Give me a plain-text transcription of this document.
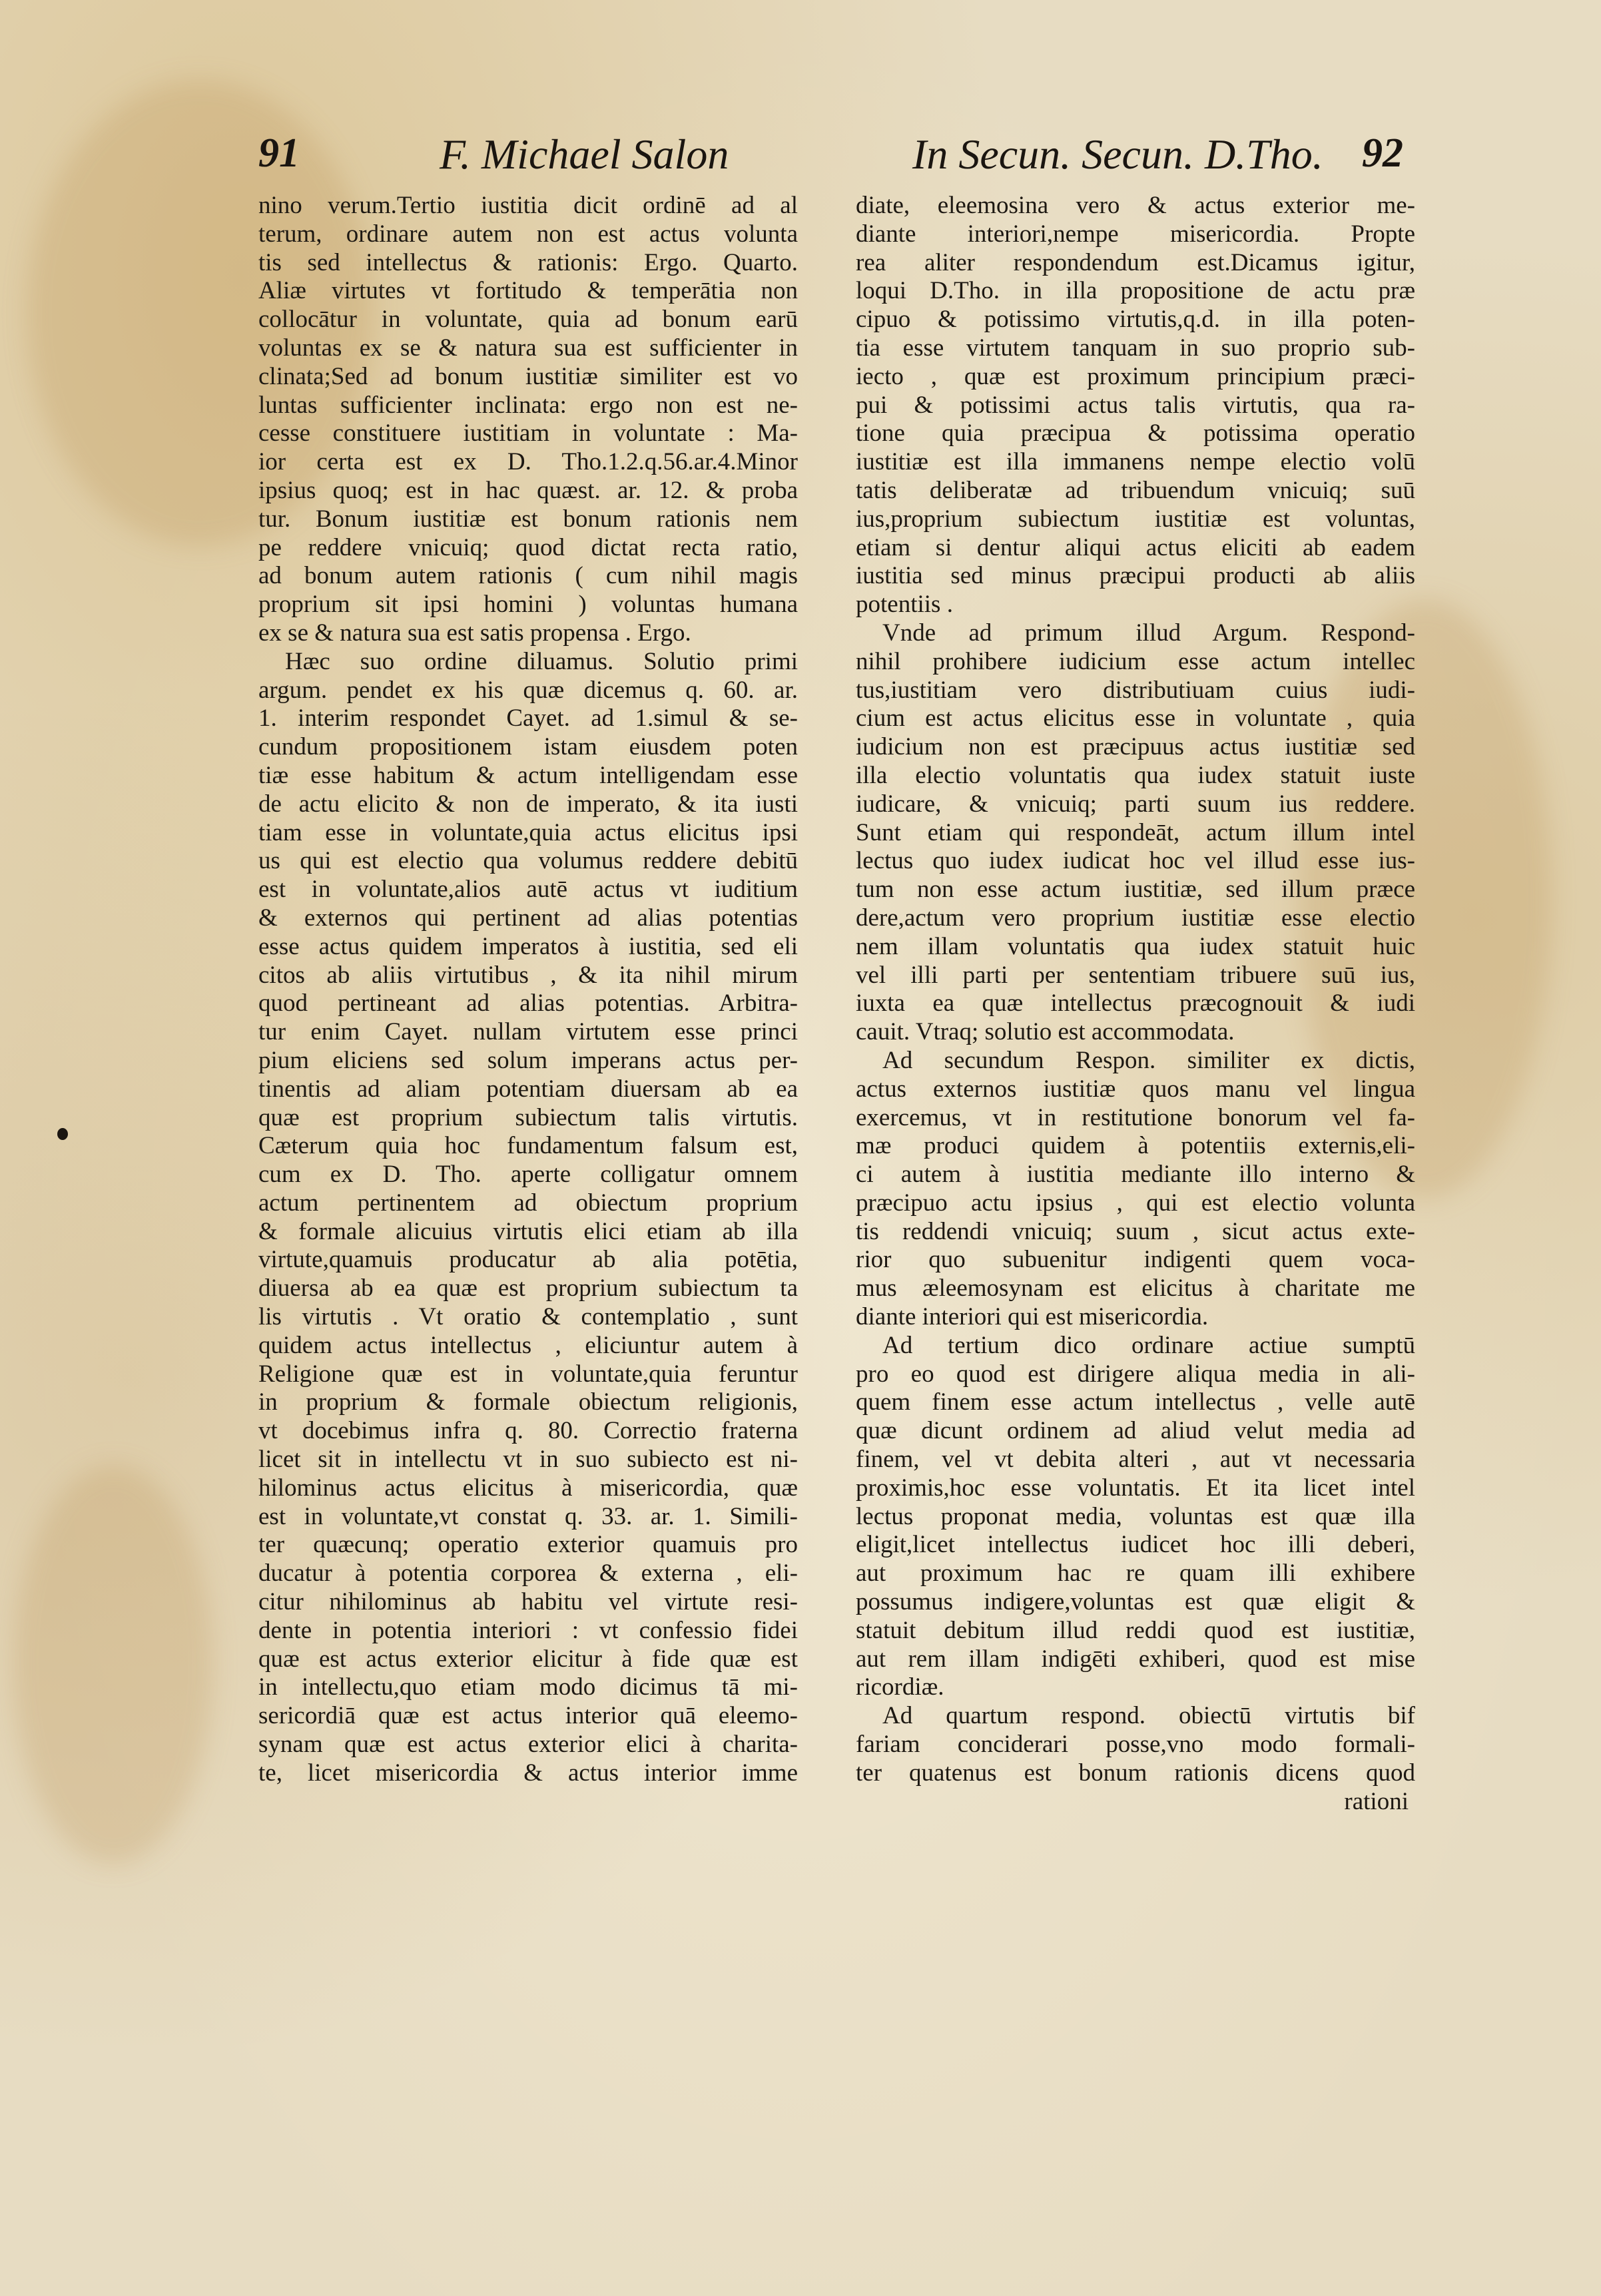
91	F. Michael Salon	In Secun. Secun. D.Tho. 92
nino verum.Tertio iustitia dicit ordinē ad al
terum, ordinare autem non est actus volunta
tis sed intellectus & rationis: Ergo. Quarto.
Aliæ virtutes vt fortitudo & temperātia non
collocātur in voluntate, quia ad bonum earū
voluntas ex se & natura sua est sufficienter in
clinata;Sed ad bonum iustitiæ similiter est vo
luntas sufficienter inclinata: ergo non est ne-
cesse constituere iustitiam in voluntate : Ma-
ior certa est ex D. Tho.1.2.q.56.ar.4.Minor
ipsius quoq; est in hac quæst. ar. 12. & proba
tur. Bonum iustitiæ est bonum rationis nem
pe reddere vnicuiq; quod dictat recta ratio,
ad bonum autem rationis ( cum nihil magis
proprium sit ipsi homini ) voluntas humana
ex se & natura sua est satis propensa . Ergo.
Hæc suo ordine diluamus. Solutio primi
argum. pendet ex his quæ dicemus q. 60. ar.
1. interim respondet Cayet. ad 1.simul & se-
cundum propositionem istam eiusdem poten
tiæ esse habitum & actum intelligendam esse
de actu elicito & non de imperato, & ita iusti
tiam esse in voluntate,quia actus elicitus ipsi
us qui est electio qua volumus reddere debitū
est in voluntate,alios autē actus vt iuditium
& externos qui pertinent ad alias potentias
esse actus quidem imperatos à iustitia, sed eli
citos ab aliis virtutibus , & ita nihil mirum
quod pertineant ad alias potentias. Arbitra-
tur enim Cayet. nullam virtutem esse princi
pium eliciens sed solum imperans actus per-
tinentis ad aliam potentiam diuersam ab ea
quæ est proprium subiectum talis virtutis.
Cæterum quia hoc fundamentum falsum est,
cum ex D. Tho. aperte colligatur omnem
actum pertinentem ad obiectum proprium
& formale alicuius virtutis elici etiam ab illa
virtute,quamuis producatur ab alia potētia,
diuersa ab ea quæ est proprium subiectum ta
lis virtutis . Vt oratio & contemplatio , sunt
quidem actus intellectus , eliciuntur autem à
Religione quæ est in voluntate,quia feruntur
in proprium & formale obiectum religionis,
vt docebimus infra q. 80. Correctio fraterna
licet sit in intellectu vt in suo subiecto est ni-
hilominus actus elicitus à misericordia, quæ
est in voluntate,vt constat q. 33. ar. 1. Simili-
ter quæcunq; operatio exterior quamuis pro
ducatur à potentia corporea & externa , eli-
citur nihilominus ab habitu vel virtute resi-
dente in potentia interiori : vt confessio fidei
quæ est actus exterior elicitur à fide quæ est
in intellectu,quo etiam modo dicimus tā mi-
sericordiā quæ est actus interior quā eleemo-
synam quæ est actus exterior elici à charita-
te, licet misericordia & actus interior imme
diate, eleemosina vero & actus exterior me-
diante interiori,nempe misericordia. Propte
rea aliter respondendum est.Dicamus igitur,
loqui D.Tho. in illa propositione de actu præ
cipuo & potissimo virtutis,q.d. in illa poten-
tia esse virtutem tanquam in suo proprio sub-
iecto , quæ est proximum principium præci-
pui & potissimi actus talis virtutis, qua ra-
tione quia præcipua & potissima operatio
iustitiæ est illa immanens nempe electio volū
tatis deliberatæ ad tribuendum vnicuiq; suū
ius,proprium subiectum iustitiæ est voluntas,
etiam si dentur aliqui actus eliciti ab eadem
iustitia sed minus præcipui producti ab aliis
potentiis .
Vnde ad primum illud Argum. Respond-
nihil prohibere iudicium esse actum intellec
tus,iustitiam vero distributiuam cuius iudi-
cium est actus elicitus esse in voluntate , quia
iudicium non est præcipuus actus iustitiæ sed
illa electio voluntatis qua iudex statuit iuste
iudicare, & vnicuiq; parti suum ius reddere.
Sunt etiam qui respondeāt, actum illum intel
lectus quo iudex iudicat hoc vel illud esse ius-
tum non esse actum iustitiæ, sed illum præce
dere,actum vero proprium iustitiæ esse electio
nem illam voluntatis qua iudex statuit huic
vel illi parti per sententiam tribuere suū ius,
iuxta ea quæ intellectus præcognouit & iudi
cauit. Vtraq; solutio est accommodata.
Ad secundum Respon. similiter ex dictis,
actus externos iustitiæ quos manu vel lingua
exercemus, vt in restitutione bonorum vel fa-
mæ produci quidem à potentiis externis,eli-
ci autem à iustitia mediante illo interno &
præcipuo actu ipsius , qui est electio volunta
tis reddendi vnicuiq; suum , sicut actus exte-
rior quo subuenitur indigenti quem voca-
mus æleemosynam est elicitus à charitate me
diante interiori qui est misericordia.
Ad tertium dico ordinare actiue sumptū
pro eo quod est dirigere aliqua media in ali-
quem finem esse actum intellectus , velle autē
quæ dicunt ordinem ad aliud velut media ad
finem, vel vt debita alteri , aut vt necessaria
proximis,hoc esse voluntatis. Et ita licet intel
lectus proponat media, voluntas est quæ illa
eligit,licet intellectus iudicet hoc illi deberi,
aut proximum hac re quam illi exhibere
possumus indigere,voluntas est quæ eligit &
statuit debitum illud reddi quod est iustitiæ,
aut rem illam indigēti exhiberi, quod est mise
ricordiæ.
Ad quartum respond. obiectū virtutis bif
fariam conciderari posse,vno modo formali-
ter quatenus est bonum rationis dicens quod
rationi
